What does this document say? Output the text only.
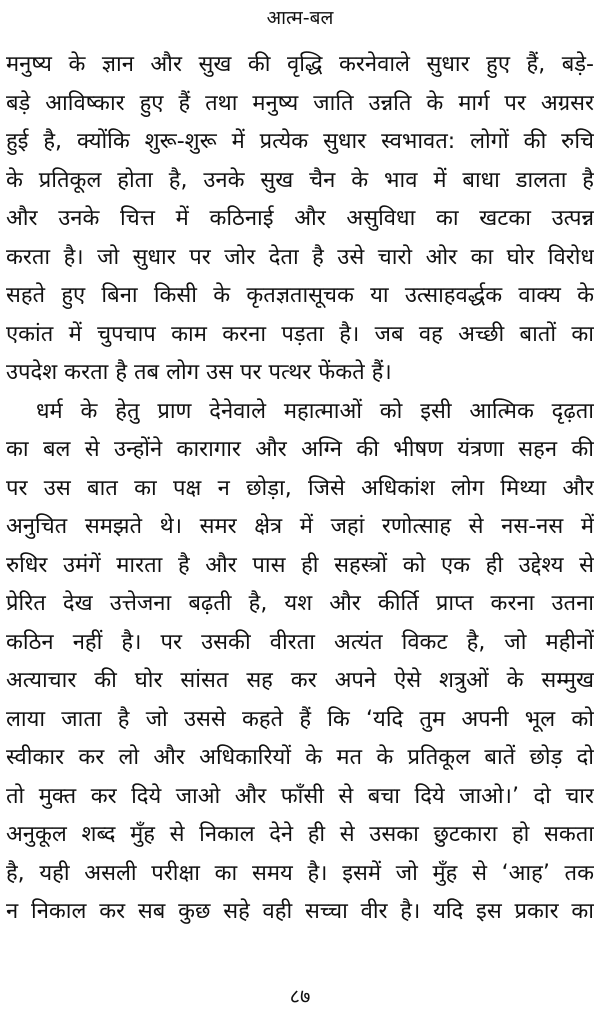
आत्म-बल
मनुष्य के ज्ञान और सुख की वृद्धि करनेवाले सुधार हुए हैं, बड़े-
बड़े आविष्कार हुए हैं तथा मनुष्य जाति उन्नति के मार्ग पर अग्रसर
हुई है, क्योंकि शुरू-शुरू में प्रत्येक सुधार स्वभावत: लोगों की रुचि
के प्रतिकूल होता है, उनके सुख चैन के भाव में बाधा डालता है
और उनके चित्त में कठिनाई और असुविधा का खटका उत्पन्न
करता है। जो सुधार पर जोर देता है उसे चारो ओर का घोर विरोध
सहते हुए बिना किसी के कृतज्ञतासूचक या उत्साहवर्द्धक वाक्य के
एकांत में चुपचाप काम करना पड़ता है। जब वह अच्छी बातों का
उपदेश करता है तब लोग उस पर पत्थर फेंकते हैं।
धर्म के हेतु प्राण देनेवाले महात्माओं को इसी आत्मिक दृढ़ता
का बल से उन्होंने कारागार और अग्नि की भीषण यंत्रणा सहन की
पर उस बात का पक्ष न छोड़ा, जिसे अधिकांश लोग मिथ्या और
अनुचित समझते थे। समर क्षेत्र में जहां रणोत्साह से नस-नस में
रुधिर उमंगें मारता है और पास ही सहस्त्रों को एक ही उद्देश्य से
प्रेरित देख उत्तेजना बढ़ती है, यश और कीर्ति प्राप्त करना उतना
कठिन नहीं है। पर उसकी वीरता अत्यंत विकट है, जो महीनों
अत्याचार की घोर सांसत सह कर अपने ऐसे शत्रुओं के सम्मुख
लाया जाता है जो उससे कहते हैं कि ‘यदि तुम अपनी भूल को
स्वीकार कर लो और अधिकारियों के मत के प्रतिकूल बातें छोड़ दो
तो मुक्त कर दिये जाओ और फाँसी से बचा दिये जाओ।’ दो चार
अनुकूल शब्द मुँह से निकाल देने ही से उसका छुटकारा हो सकता
है, यही असली परीक्षा का समय है। इसमें जो मुँह से ‘आह’ तक
न निकाल कर सब कुछ सहे वही सच्चा वीर है। यदि इस प्रकार का
८७
